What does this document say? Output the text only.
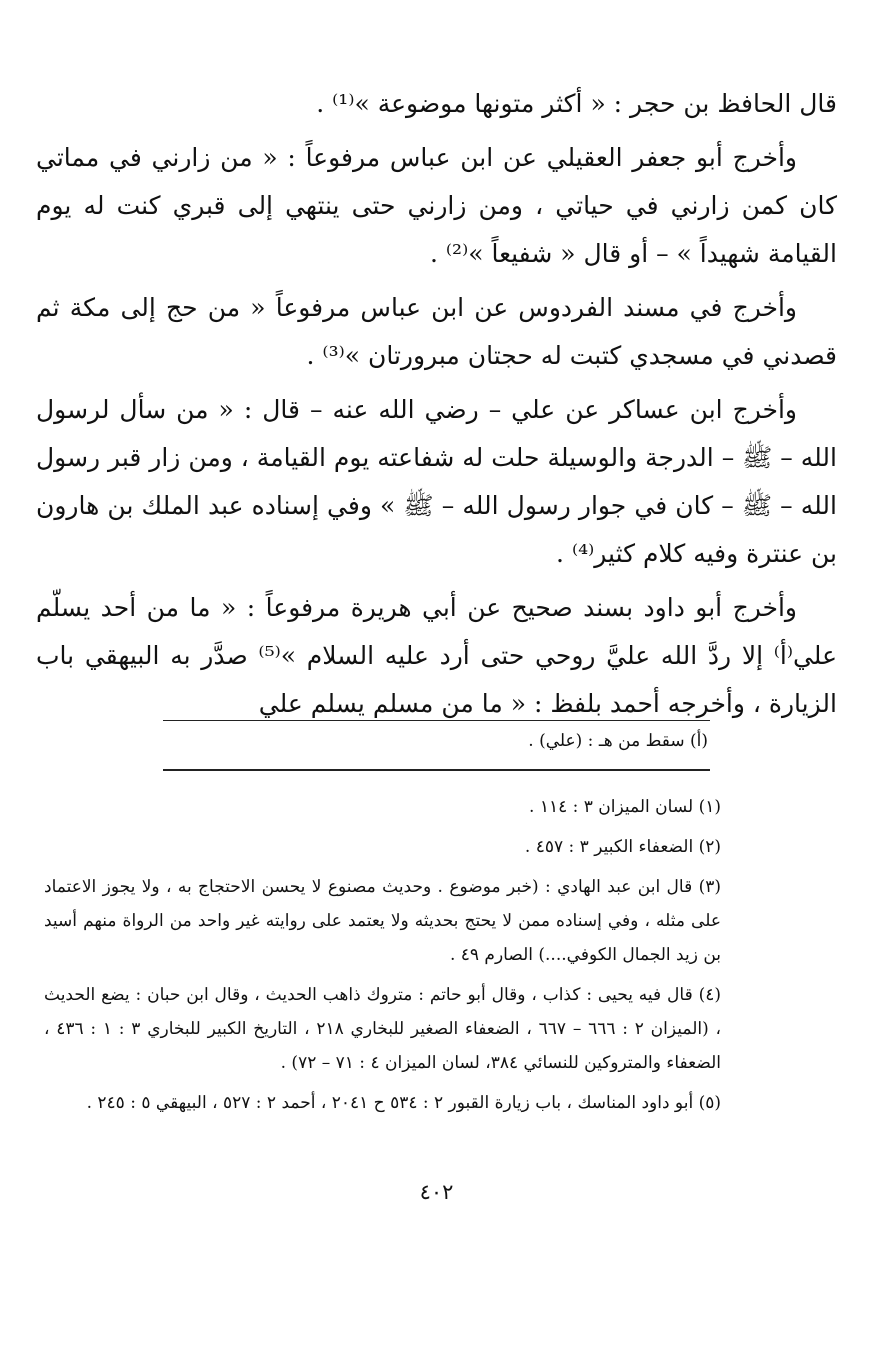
قال الحافظ بن حجر : « أكثر متونها موضوعة »⁽¹⁾ .

وأخرج أبو جعفر العقيلي عن ابن عباس مرفوعاً : « من زارني في مماتي كان كمن زارني في حياتي ، ومن زارني حتى ينتهي إلى قبري كنت له يوم القيامة شهيداً » – أو قال « شفيعاً »⁽²⁾ .

وأخرج في مسند الفردوس عن ابن عباس مرفوعاً « من حج إلى مكة ثم قصدني في مسجدي كتبت له حجتان مبرورتان »⁽³⁾ .

وأخرج ابن عساكر عن علي – رضي الله عنه – قال : « من سأل لرسول الله – ﷺ – الدرجة والوسيلة حلت له شفاعته يوم القيامة ، ومن زار قبر رسول الله – ﷺ – كان في جوار رسول الله – ﷺ » وفي إسناده عبد الملك بن هارون بن عنترة وفيه كلام كثير⁽⁴⁾ .

وأخرج أبو داود بسند صحيح عن أبي هريرة مرفوعاً : « ما من أحد يسلّم علي⁽أ⁾ إلا ردَّ الله عليَّ روحي حتى أرد عليه السلام »⁽⁵⁾ صدَّر به البيهقي باب الزيارة ، وأخرجه أحمد بلفظ : « ما من مسلم يسلم علي

(أ) سقط من هـ : (علي) .

(١) لسان الميزان ٣ : ١١٤ .

(٢) الضعفاء الكبير ٣ : ٤٥٧ .

(٣) قال ابن عبد الهادي : (خبر موضوع . وحديث مصنوع لا يحسن الاحتجاج به ، ولا يجوز الاعتماد على مثله ، وفي إسناده ممن لا يحتج بحديثه ولا يعتمد على روايته غير واحد من الرواة منهم أسيد بن زيد الجمال الكوفي....) الصارم ٤٩ .

(٤) قال فيه يحيى : كذاب ، وقال أبو حاتم : متروك ذاهب الحديث ، وقال ابن حبان : يضع الحديث ، (الميزان ٢ : ٦٦٦ – ٦٦٧ ، الضعفاء الصغير للبخاري ٢١٨ ، التاريخ الكبير للبخاري ٣ : ١ : ٤٣٦ ، الضعفاء والمتروكين للنسائي ٣٨٤، لسان الميزان ٤ : ٧١ – ٧٢) .

(٥) أبو داود المناسك ، باب زيارة القبور ٢ : ٥٣٤ ح ٢٠٤١ ، أحمد ٢ : ٥٢٧ ، البيهقي ٥ : ٢٤٥ .

٤٠٢
